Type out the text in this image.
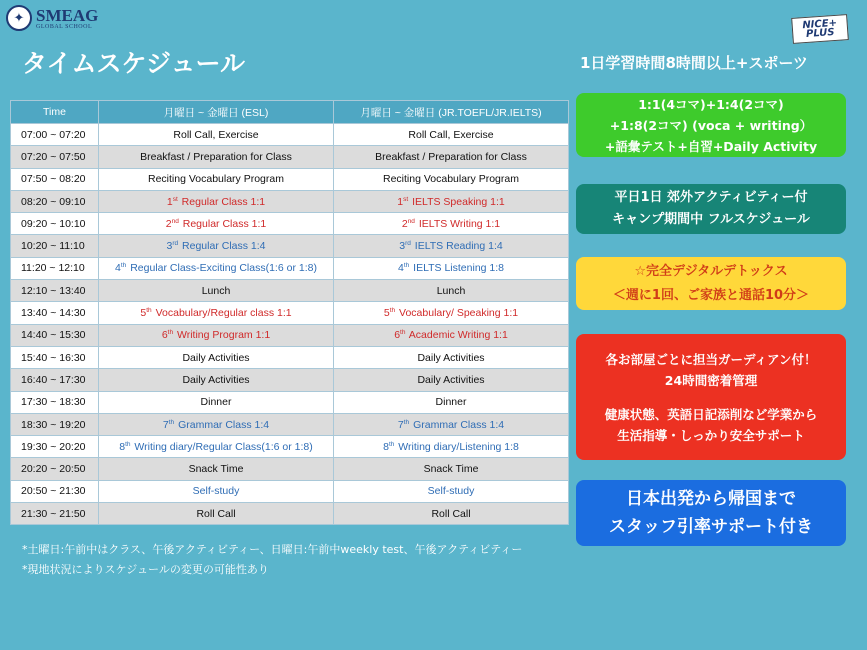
✦ SMEAG
GLOBAL SCHOOL	NICE+
PLUS
タイムスケジュール	1日学習時間8時間以上+スポーツ
Time	月曜日 ~ 金曜日 (ESL)	月曜日 ~ 金曜日 (JR.TOEFL/JR.IELTS)
07:00 ~ 07:20	Roll Call, Exercise	Roll Call, Exercise
07:20 ~ 07:50	Breakfast / Preparation for Class	Breakfast / Preparation for Class
07:50 ~ 08:20	Reciting Vocabulary Program	Reciting Vocabulary Program
08:20 ~ 09:10	1st Regular Class 1:1	1st IELTS Speaking 1:1
09:20 ~ 10:10	2nd Regular Class 1:1	2nd IELTS Writing 1:1
10:20 ~ 11:10	3rd Regular Class 1:4	3rd IELTS Reading 1:4
11:20 ~ 12:10	4th Regular Class-Exciting Class(1:6 or 1:8)	4th IELTS Listening 1:8
12:10 ~ 13:40	Lunch	Lunch
13:40 ~ 14:30	5th Vocabulary/Regular class 1:1	5th Vocabulary/ Speaking 1:1
14:40 ~ 15:30	6th Writing Program 1:1	6th Academic Writing 1:1
15:40 ~ 16:30	Daily Activities	Daily Activities
16:40 ~ 17:30	Daily Activities	Daily Activities
17:30 ~ 18:30	Dinner	Dinner
18:30 ~ 19:20	7th Grammar Class 1:4	7th Grammar Class 1:4
19:30 ~ 20:20	8th Writing diary/Regular Class(1:6 or 1:8)	8th Writing diary/Listening 1:8
20:20 ~ 20:50	Snack Time	Snack Time
20:50 ~ 21:30	Self-study	Self-study
21:30 ~ 21:50	Roll Call	Roll Call
*土曜日:午前中はクラス、午後アクティビティー、日曜日:午前中weekly test、午後アクティビティー
*現地状況によりスケジュールの変更の可能性あり
1:1(4コマ)+1:4(2コマ)
+1:8(2コマ) (voca + writing）
+語彙テスト+自習+Daily Activity
平日1日 郊外アクティビティー付
キャンプ期間中 フルスケジュール
☆完全デジタルデトックス
＜週に1回、ご家族と通話10分＞
各お部屋ごとに担当ガーディアン付！
24時間密着管理
健康状態、英語日記添削など学業から
生活指導・しっかり安全サポート
日本出発から帰国まで
スタッフ引率サポート付き
